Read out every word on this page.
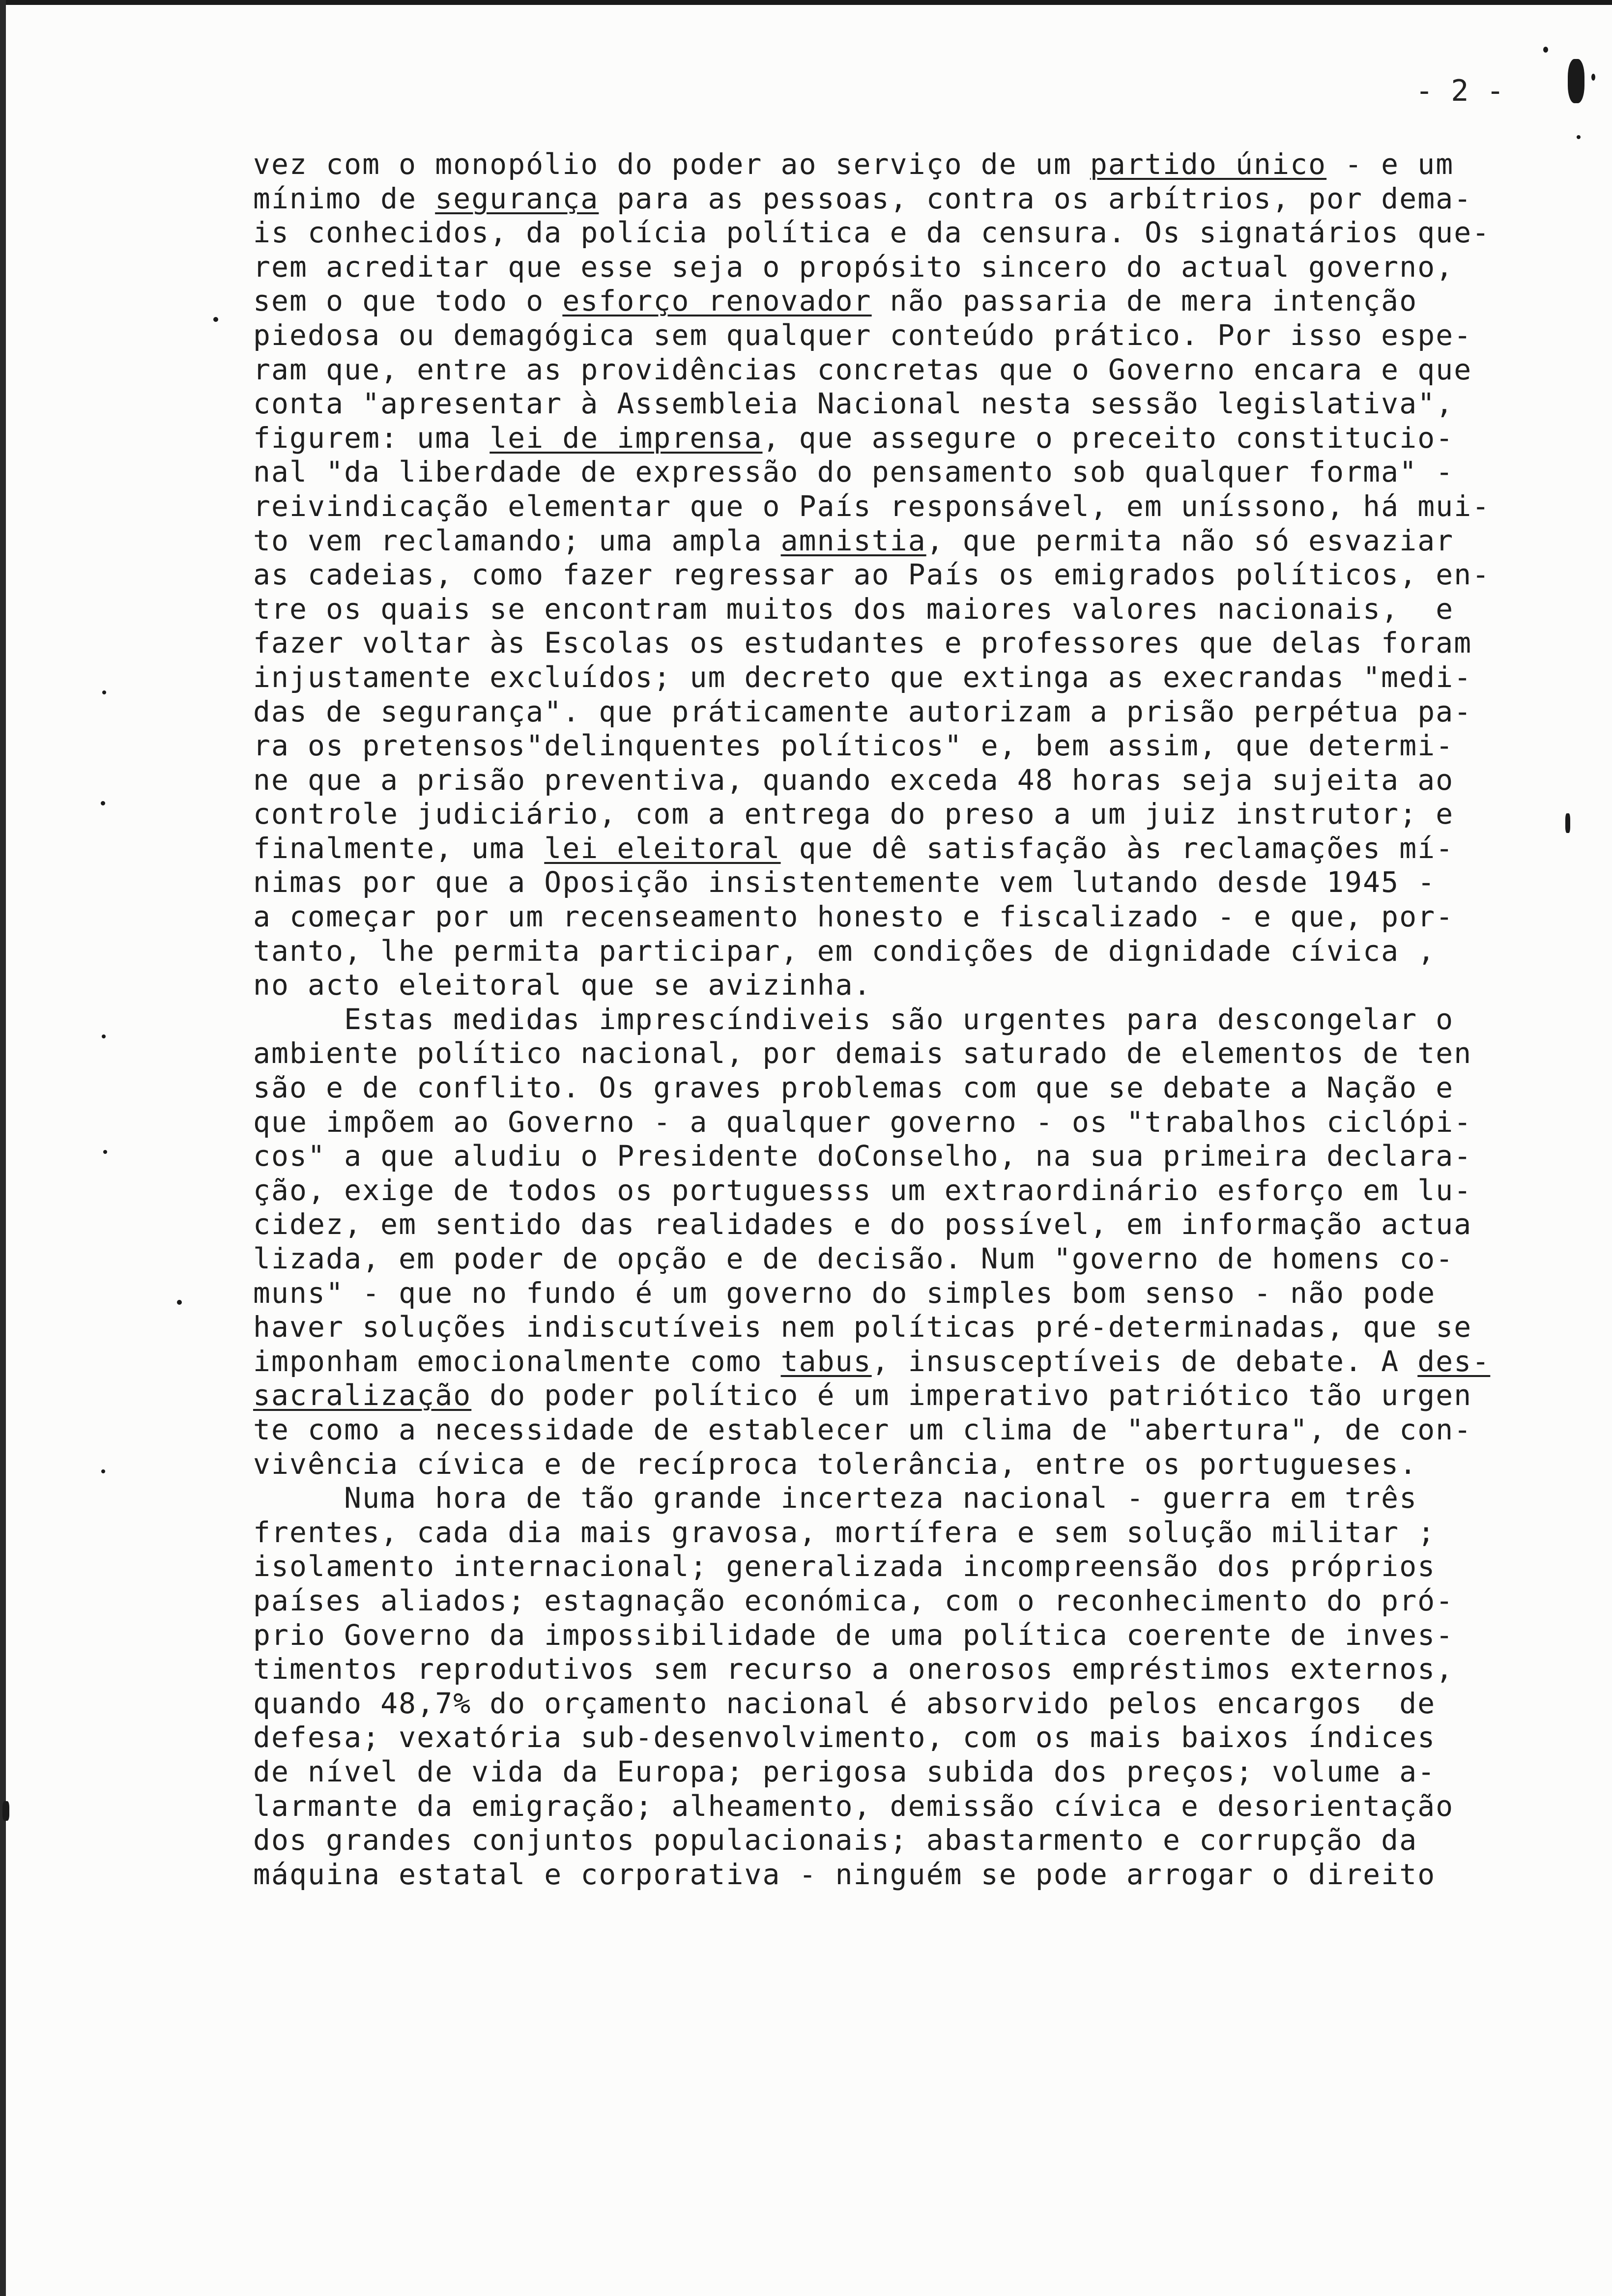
- 2 -
vez com o monopólio do poder ao serviço de um partido único - e um
mínimo de segurança para as pessoas, contra os arbítrios, por dema-
is conhecidos, da polícia política e da censura. Os signatários que-
rem acreditar que esse seja o propósito sincero do actual governo,
sem o que todo o esforço renovador não passaria de mera intenção
piedosa ou demagógica sem qualquer conteúdo prático. Por isso espe-
ram que, entre as providências concretas que o Governo encara e que
conta "apresentar à Assembleia Nacional nesta sessão legislativa",
figurem: uma lei de imprensa, que assegure o preceito constitucio-
nal "da liberdade de expressão do pensamento sob qualquer forma" -
reivindicação elementar que o País responsável, em uníssono, há mui-
to vem reclamando; uma ampla amnistia, que permita não só esvaziar
as cadeias, como fazer regressar ao País os emigrados políticos, en-
tre os quais se encontram muitos dos maiores valores nacionais,  e
fazer voltar às Escolas os estudantes e professores que delas foram
injustamente excluídos; um decreto que extinga as execrandas "medi-
das de segurança". que práticamente autorizam a prisão perpétua pa-
ra os pretensos"delinquentes políticos" e, bem assim, que determi-
ne que a prisão preventiva, quando exceda 48 horas seja sujeita ao
controle judiciário, com a entrega do preso a um juiz instrutor; e
finalmente, uma lei eleitoral que dê satisfação às reclamações mí-
nimas por que a Oposição insistentemente vem lutando desde 1945 -
a começar por um recenseamento honesto e fiscalizado - e que, por-
tanto, lhe permita participar, em condições de dignidade cívica ,
no acto eleitoral que se avizinha.
Estas medidas imprescíndiveis são urgentes para descongelar o
ambiente político nacional, por demais saturado de elementos de ten
são e de conflito. Os graves problemas com que se debate a Nação e
que impõem ao Governo - a qualquer governo - os "trabalhos ciclópi-
cos" a que aludiu o Presidente doConselho, na sua primeira declara-
ção, exige de todos os portuguesss um extraordinário esforço em lu-
cidez, em sentido das realidades e do possível, em informação actua
lizada, em poder de opção e de decisão. Num "governo de homens co-
muns" - que no fundo é um governo do simples bom senso - não pode
haver soluções indiscutíveis nem políticas pré-determinadas, que se
imponham emocionalmente como tabus, insusceptíveis de debate. A des-
sacralização do poder político é um imperativo patriótico tão urgen
te como a necessidade de establecer um clima de "abertura", de con-
vivência cívica e de recíproca tolerância, entre os portugueses.
Numa hora de tão grande incerteza nacional - guerra em três
frentes, cada dia mais gravosa, mortífera e sem solução militar ;
isolamento internacional; generalizada incompreensão dos próprios
países aliados; estagnação económica, com o reconhecimento do pró-
prio Governo da impossibilidade de uma política coerente de inves-
timentos reprodutivos sem recurso a onerosos empréstimos externos,
quando 48,7% do orçamento nacional é absorvido pelos encargos  de
defesa; vexatória sub-desenvolvimento, com os mais baixos índices
de nível de vida da Europa; perigosa subida dos preços; volume a-
larmante da emigração; alheamento, demissão cívica e desorientação
dos grandes conjuntos populacionais; abastarmento e corrupção da
máquina estatal e corporativa - ninguém se pode arrogar o direito
